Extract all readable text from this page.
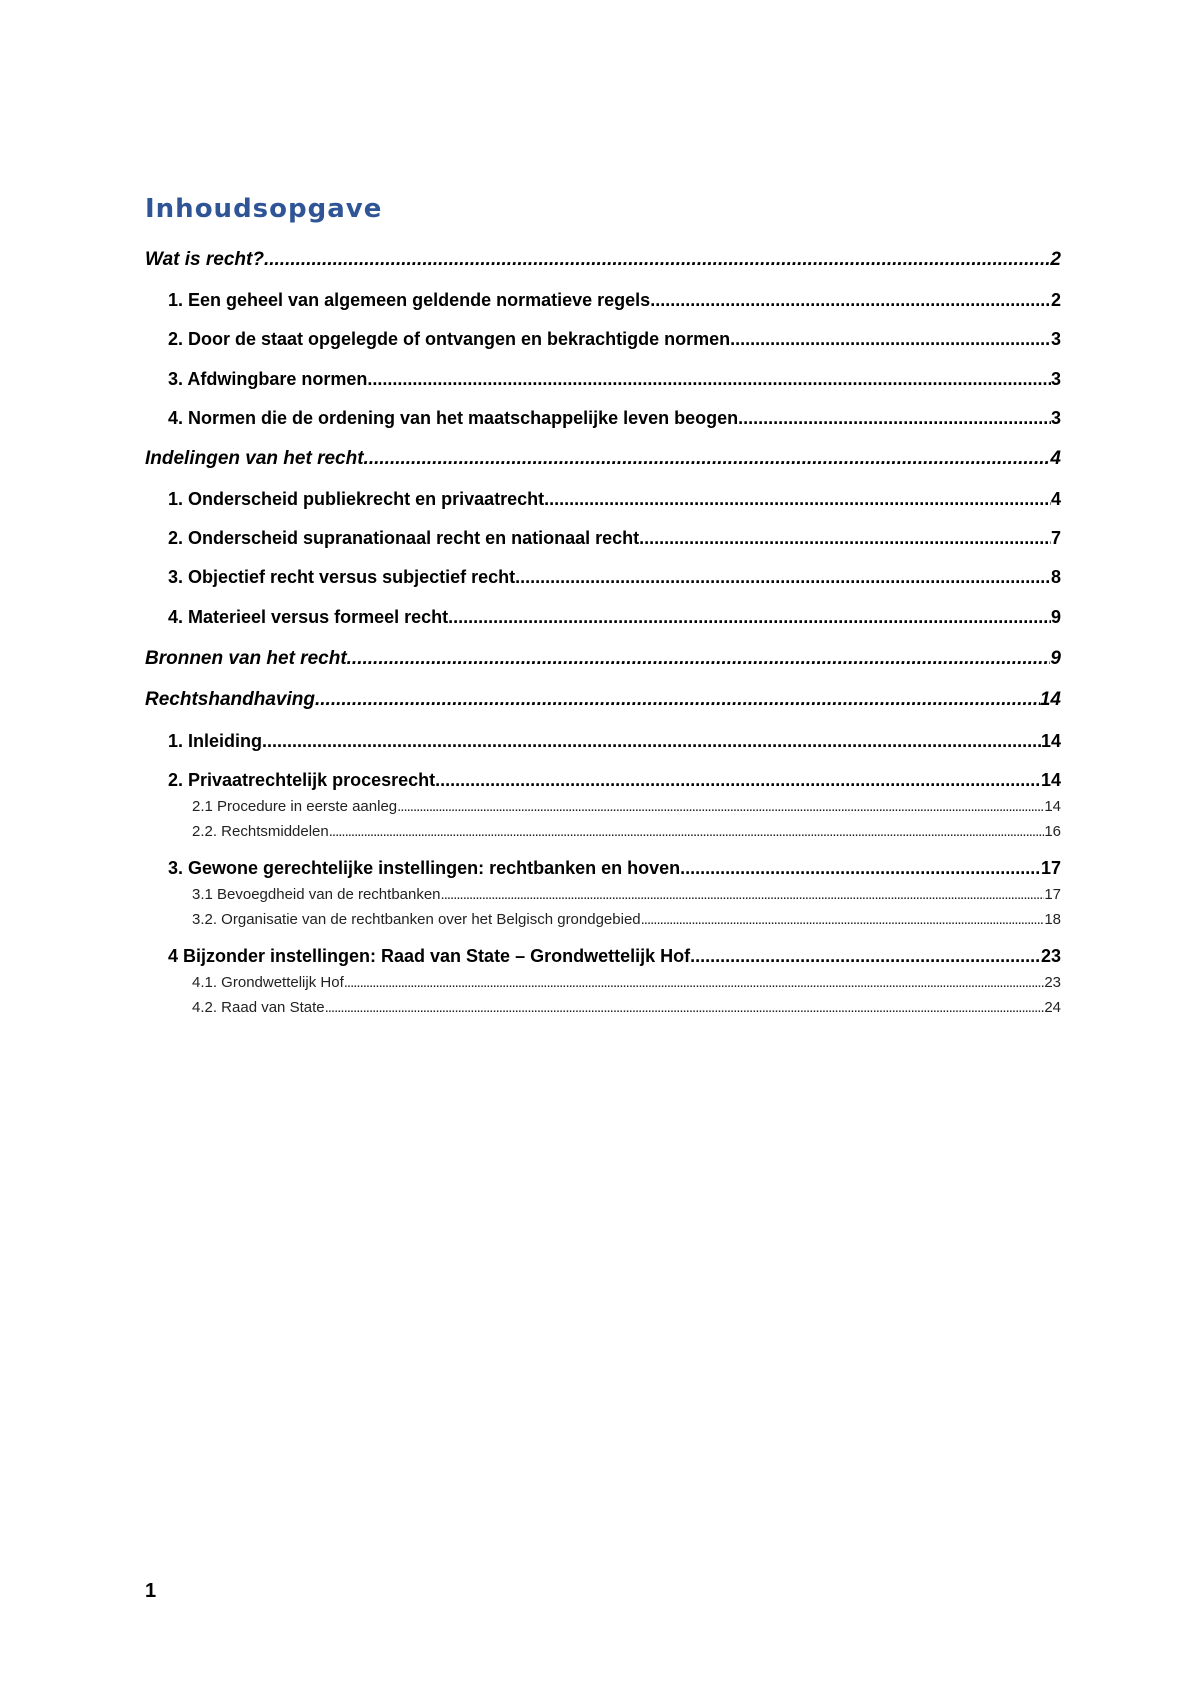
Inhoudsopgave
Wat is recht? .....	2
1. Een geheel van algemeen geldende normatieve regels .....	2
2. Door de staat opgelegde of ontvangen en bekrachtigde normen .....	3
3. Afdwingbare normen .....	3
4. Normen die de ordening van het maatschappelijke leven beogen. .....	3
Indelingen van het recht .....	4
1. Onderscheid publiekrecht en privaatrecht .....	4
2. Onderscheid supranationaal recht en nationaal recht .....	7
3. Objectief recht versus subjectief recht .....	8
4. Materieel versus formeel recht .....	9
Bronnen van het recht .....	9
Rechtshandhaving .....	14
1. Inleiding .....	14
2. Privaatrechtelijk procesrecht .....	14
2.1 Procedure in eerste aanleg .....	14
2.2. Rechtsmiddelen .....	16
3. Gewone gerechtelijke instellingen: rechtbanken en hoven .....	17
3.1 Bevoegdheid van de rechtbanken .....	17
3.2. Organisatie van de rechtbanken over het Belgisch grondgebied .....	18
4 Bijzonder instellingen: Raad van State – Grondwettelijk Hof .....	23
4.1. Grondwettelijk Hof .....	23
4.2. Raad van State .....	24
1
